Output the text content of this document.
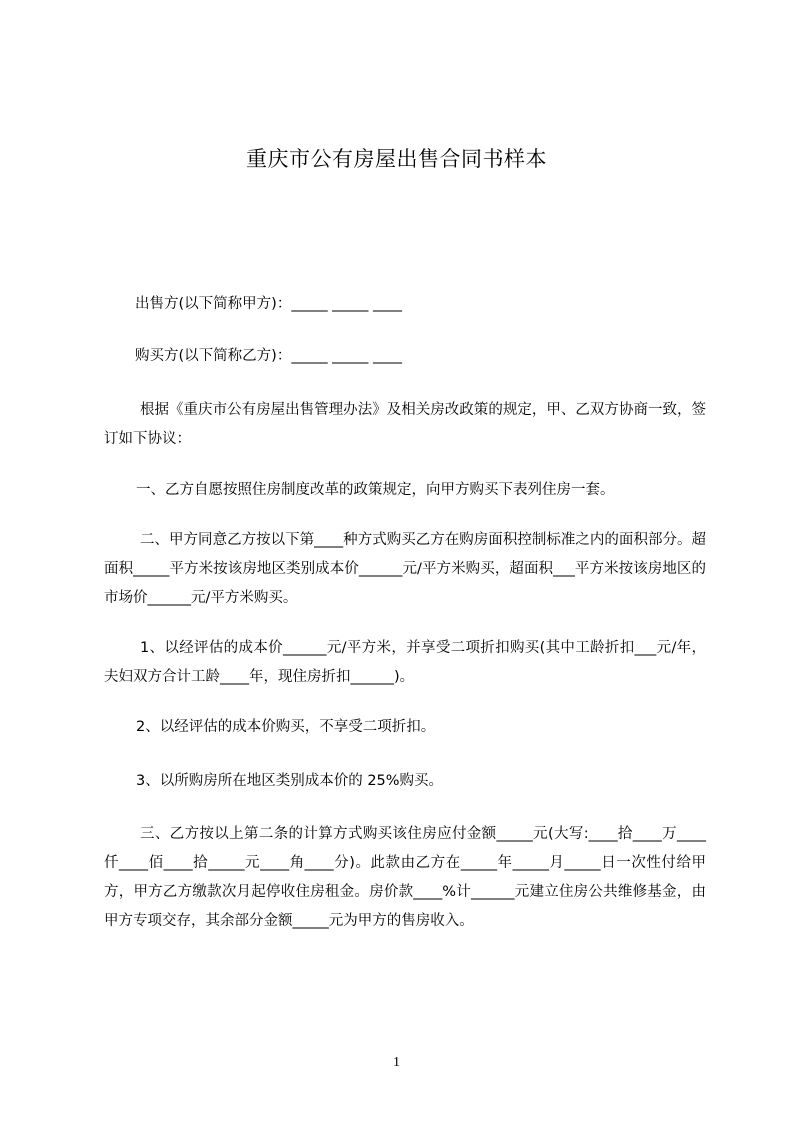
重庆市公有房屋出售合同书样本
出售方(以下简称甲方)：_____ _____ ____
购买方(以下简称乙方)：_____ _____ ____
根据《重庆市公有房屋出售管理办法》及相关房改政策的规定，甲、乙双方协商一致，签订如下协议：
一、乙方自愿按照住房制度改革的政策规定，向甲方购买下表列住房一套。
二、甲方同意乙方按以下第____种方式购买乙方在购房面积控制标准之内的面积部分。超面积_____平方米按该房地区类别成本价______元/平方米购买，超面积___平方米按该房地区的市场价______元/平方米购买。
1、以经评估的成本价______元/平方米，并享受二项折扣购买(其中工龄折扣___元/年，夫妇双方合计工龄____年，现住房折扣______)。
2、以经评估的成本价购买，不享受二项折扣。
3、以所购房所在地区类别成本价的 25%购买。
三、乙方按以上第二条的计算方式购买该住房应付金额_____元(大写:____拾____万____仟____佰____拾_____元____角____分)。此款由乙方在_____年_____月_____日一次性付给甲方，甲方乙方缴款次月起停收住房租金。房价款____%计______元建立住房公共维修基金，由甲方专项交存，其余部分金额_____元为甲方的售房收入。
1
